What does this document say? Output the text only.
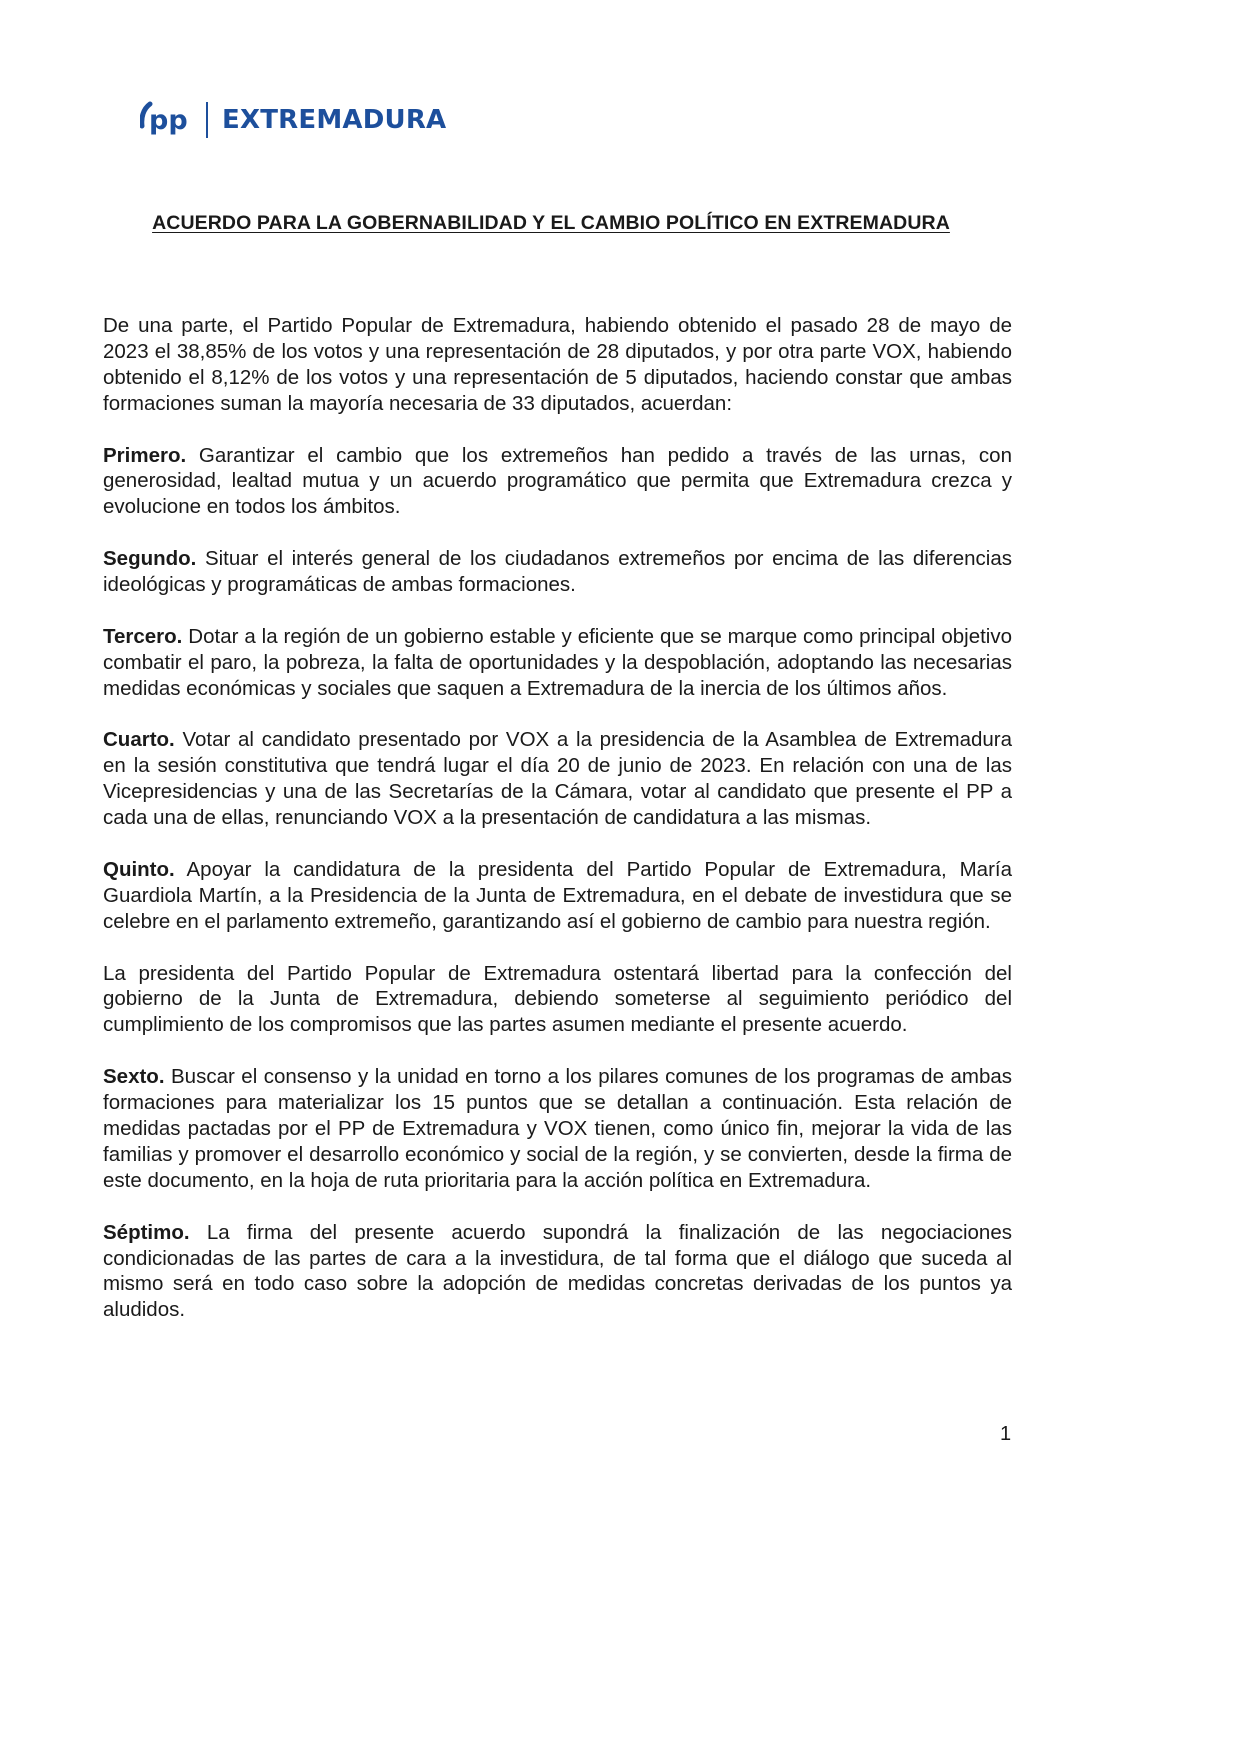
pp EXTREMADURA
ACUERDO PARA LA GOBERNABILIDAD Y EL CAMBIO POLÍTICO EN EXTREMADURA

De una parte, el Partido Popular de Extremadura, habiendo obtenido el pasado 28 de mayo de 2023 el 38,85% de los votos y una representación de 28 diputados, y por otra parte VOX, habiendo obtenido el 8,12% de los votos y una representación de 5 diputados, haciendo constar que ambas formaciones suman la mayoría necesaria de 33 diputados, acuerdan:

Primero. Garantizar el cambio que los extremeños han pedido a través de las urnas, con generosidad, lealtad mutua y un acuerdo programático que permita que Extremadura crezca y evolucione en todos los ámbitos.

Segundo. Situar el interés general de los ciudadanos extremeños por encima de las diferencias ideológicas y programáticas de ambas formaciones.

Tercero. Dotar a la región de un gobierno estable y eficiente que se marque como principal objetivo combatir el paro, la pobreza, la falta de oportunidades y la despoblación, adoptando las necesarias medidas económicas y sociales que saquen a Extremadura de la inercia de los últimos años.

Cuarto. Votar al candidato presentado por VOX a la presidencia de la Asamblea de Extremadura en la sesión constitutiva que tendrá lugar el día 20 de junio de 2023. En relación con una de las Vicepresidencias y una de las Secretarías de la Cámara, votar al candidato que presente el PP a cada una de ellas, renunciando VOX a la presentación de candidatura a las mismas.

Quinto. Apoyar la candidatura de la presidenta del Partido Popular de Extremadura, María Guardiola Martín, a la Presidencia de la Junta de Extremadura, en el debate de investidura que se celebre en el parlamento extremeño, garantizando así el gobierno de cambio para nuestra región.

La presidenta del Partido Popular de Extremadura ostentará libertad para la confección del gobierno de la Junta de Extremadura, debiendo someterse al seguimiento periódico del cumplimiento de los compromisos que las partes asumen mediante el presente acuerdo.

Sexto. Buscar el consenso y la unidad en torno a los pilares comunes de los programas de ambas formaciones para materializar los 15 puntos que se detallan a continuación. Esta relación de medidas pactadas por el PP de Extremadura y VOX tienen, como único fin, mejorar la vida de las familias y promover el desarrollo económico y social de la región, y se convierten, desde la firma de este documento, en la hoja de ruta prioritaria para la acción política en Extremadura.

Séptimo. La firma del presente acuerdo supondrá la finalización de las negociaciones condicionadas de las partes de cara a la investidura, de tal forma que el diálogo que suceda al mismo será en todo caso sobre la adopción de medidas concretas derivadas de los puntos ya aludidos.

1
